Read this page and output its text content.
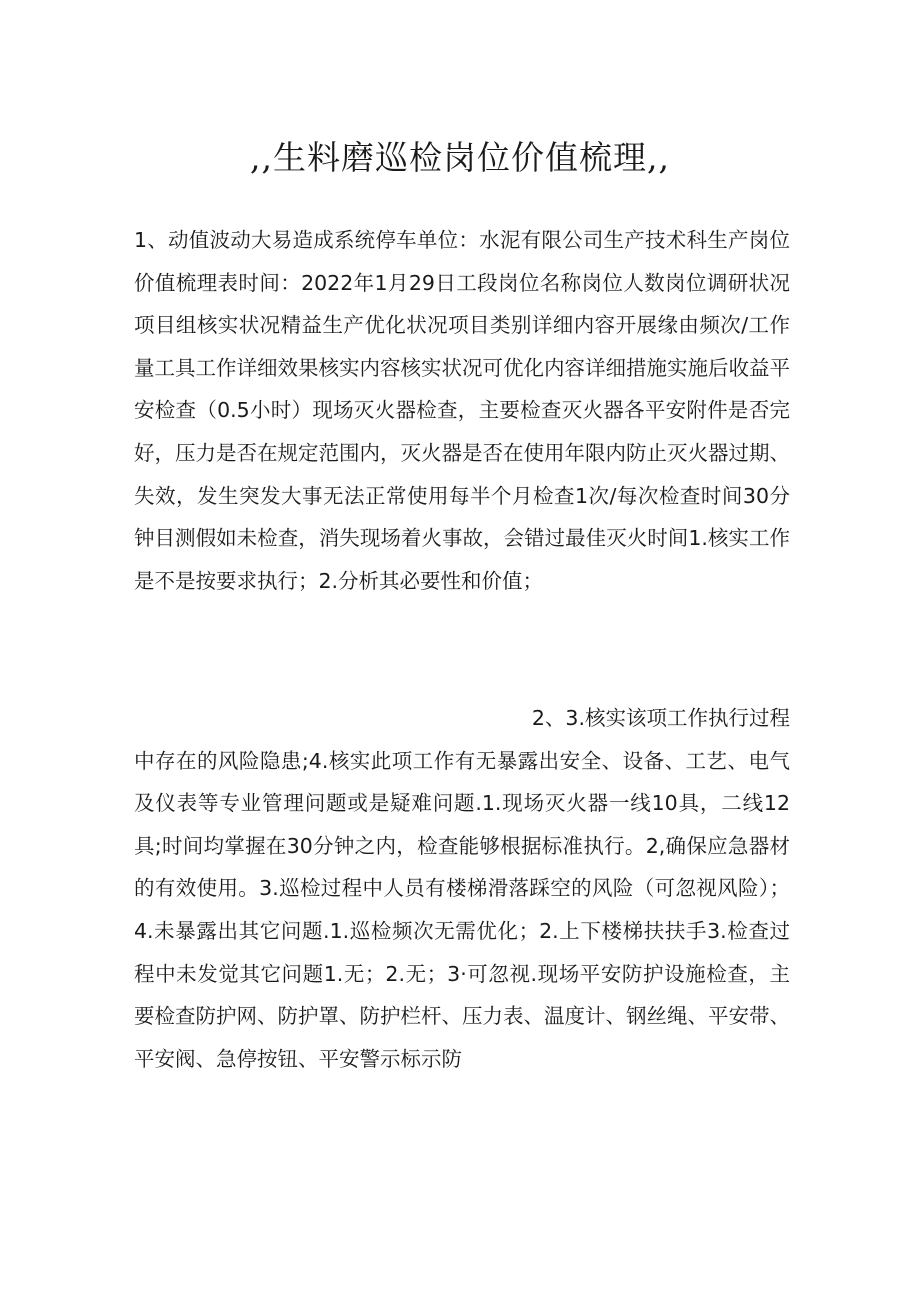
,,生料磨巡检岗位价值梳理,,
1、动值波动大易造成系统停车单位：水泥有限公司生产技术科生产岗位价值梳理表时间：2022年1月29日工段岗位名称岗位人数岗位调研状况项目组核实状况精益生产优化状况项目类别详细内容开展缘由频次/工作量工具工作详细效果核实内容核实状况可优化内容详细措施实施后收益平安检查（0.5小时）现场灭火器检查，主要检查灭火器各平安附件是否完好，压力是否在规定范围内，灭火器是否在使用年限内防止灭火器过期、失效，发生突发大事无法正常使用每半个月检查1次/每次检查时间30分钟目测假如未检查，消失现场着火事故，会错过最佳灭火时间1.核实工作是不是按要求执行；2.分析其必要性和价值；
2、3.核实该项工作执行过程
中存在的风险隐患;4.核实此项工作有无暴露出安全、设备、工艺、电气及仪表等专业管理问题或是疑难问题.1.现场灭火器一线10具，二线12具;时间均掌握在30分钟之内，检查能够根据标准执行。2,确保应急器材的有效使用。3.巡检过程中人员有楼梯滑落踩空的风险（可忽视风险）；4.未暴露出其它问题.1.巡检频次无需优化；2.上下楼梯扶扶手3.检查过程中未发觉其它问题1.无；2.无；3·可忽视.现场平安防护设施检查，主要检查防护网、防护罩、防护栏杆、压力表、温度计、钢丝绳、平安带、平安阀、急停按钮、平安警示标示防
